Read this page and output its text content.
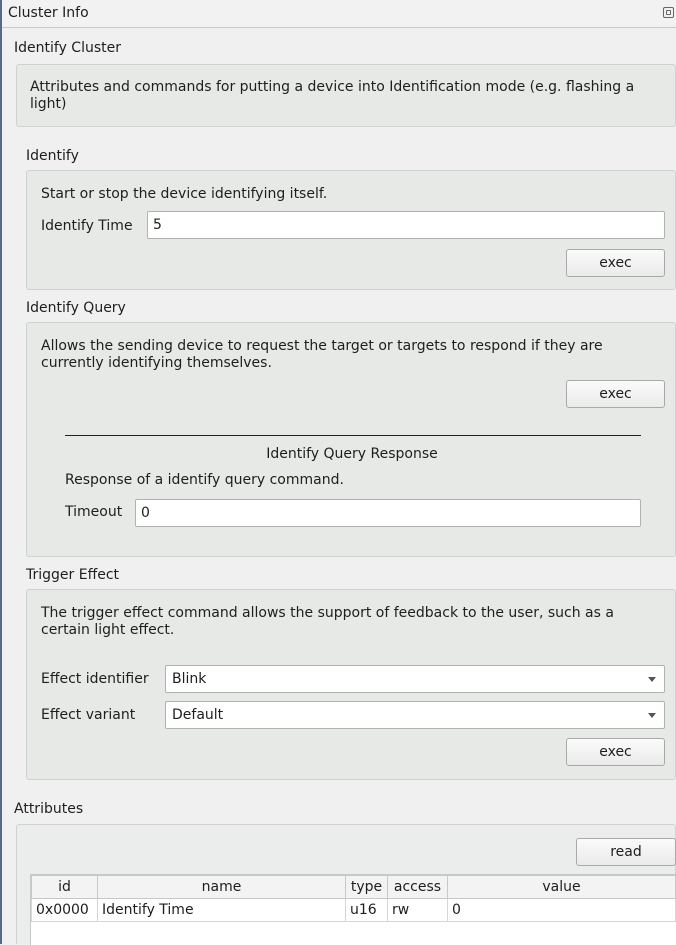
Cluster Info
Identify Cluster
Attributes and commands for putting a device into Identification mode (e.g. flashing a light)
Identify
Start or stop the device identifying itself.
Identify Time	5
exec
Identify Query
Allows the sending device to request the target or targets to respond if they are currently identifying themselves.
exec
Identify Query Response
Response of a identify query command.
Timeout	0
Trigger Effect
The trigger effect command allows the support of feedback to the user, such as a certain light effect.
Effect identifier	Blink
Effect variant	Default
exec
Attributes
read
id	name	type	access	value
0x0000	Identify Time	u16	rw	0
